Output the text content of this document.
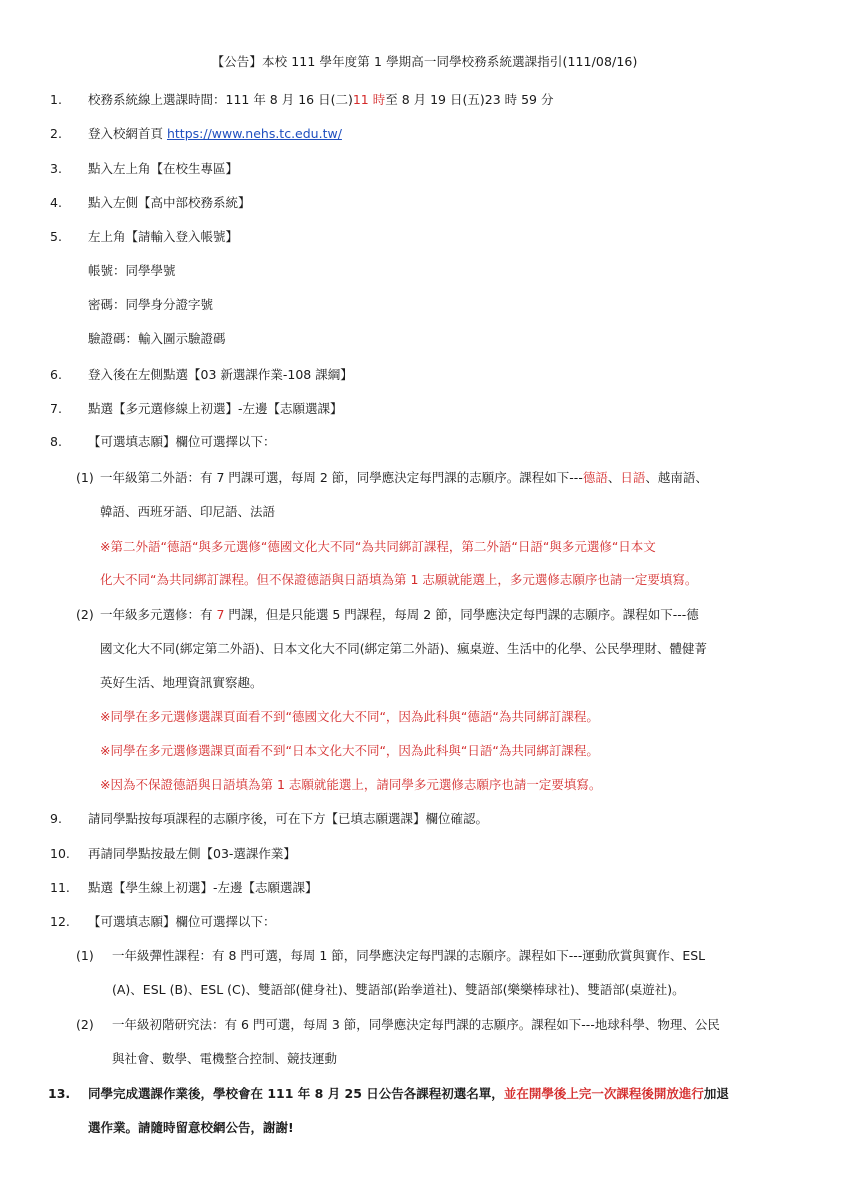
【公告】本校 111 學年度第 1 學期高一同學校務系統選課指引(111/08/16)
1. 校務系統線上選課時間：111 年 8 月 16 日(二)11 時至 8 月 19 日(五)23 時 59 分
2. 登入校網首頁 https://www.nehs.tc.edu.tw/
3. 點入左上角【在校生專區】
4. 點入左側【高中部校務系統】
5. 左上角【請輸入登入帳號】
帳號：同學學號
密碼：同學身分證字號
驗證碼：輸入圖示驗證碼
6. 登入後在左側點選【03 新選課作業-108 課綱】
7. 點選【多元選修線上初選】-左邊【志願選課】
8. 【可選填志願】欄位可選擇以下：
(1) 一年級第二外語：有 7 門課可選，每周 2 節，同學應決定每門課的志願序。課程如下---德語、日語、越南語、
韓語、西班牙語、印尼語、法語
※第二外語“德語“與多元選修“德國文化大不同“為共同綁訂課程，第二外語“日語“與多元選修“日本文
化大不同“為共同綁訂課程。但不保證德語與日語填為第 1 志願就能選上，多元選修志願序也請一定要填寫。
(2) 一年級多元選修：有 7 門課，但是只能選 5 門課程，每周 2 節，同學應決定每門課的志願序。課程如下---德
國文化大不同(綁定第二外語)、日本文化大不同(綁定第二外語)、瘋桌遊、生活中的化學、公民學理財、體健菁
英好生活、地理資訊實察趣。
※同學在多元選修選課頁面看不到“德國文化大不同“，因為此科與“德語“為共同綁訂課程。
※同學在多元選修選課頁面看不到“日本文化大不同“，因為此科與“日語“為共同綁訂課程。
※因為不保證德語與日語填為第 1 志願就能選上，請同學多元選修志願序也請一定要填寫。
9. 請同學點按每項課程的志願序後，可在下方【已填志願選課】欄位確認。
10. 再請同學點按最左側【03-選課作業】
11. 點選【學生線上初選】-左邊【志願選課】
12. 【可選填志願】欄位可選擇以下：
(1) 一年級彈性課程：有 8 門可選，每周 1 節，同學應決定每門課的志願序。課程如下---運動欣賞與實作、ESL
(A)、ESL (B)、ESL (C)、雙語部(健身社)、雙語部(跆拳道社)、雙語部(樂樂棒球社)、雙語部(桌遊社)。
(2) 一年級初階研究法：有 6 門可選，每周 3 節，同學應決定每門課的志願序。課程如下---地球科學、物理、公民
與社會、數學、電機整合控制、競技運動
13. 同學完成選課作業後，學校會在 111 年 8 月 25 日公告各課程初選名單，並在開學後上完一次課程後開放進行加退
選作業。請隨時留意校網公告，謝謝!
